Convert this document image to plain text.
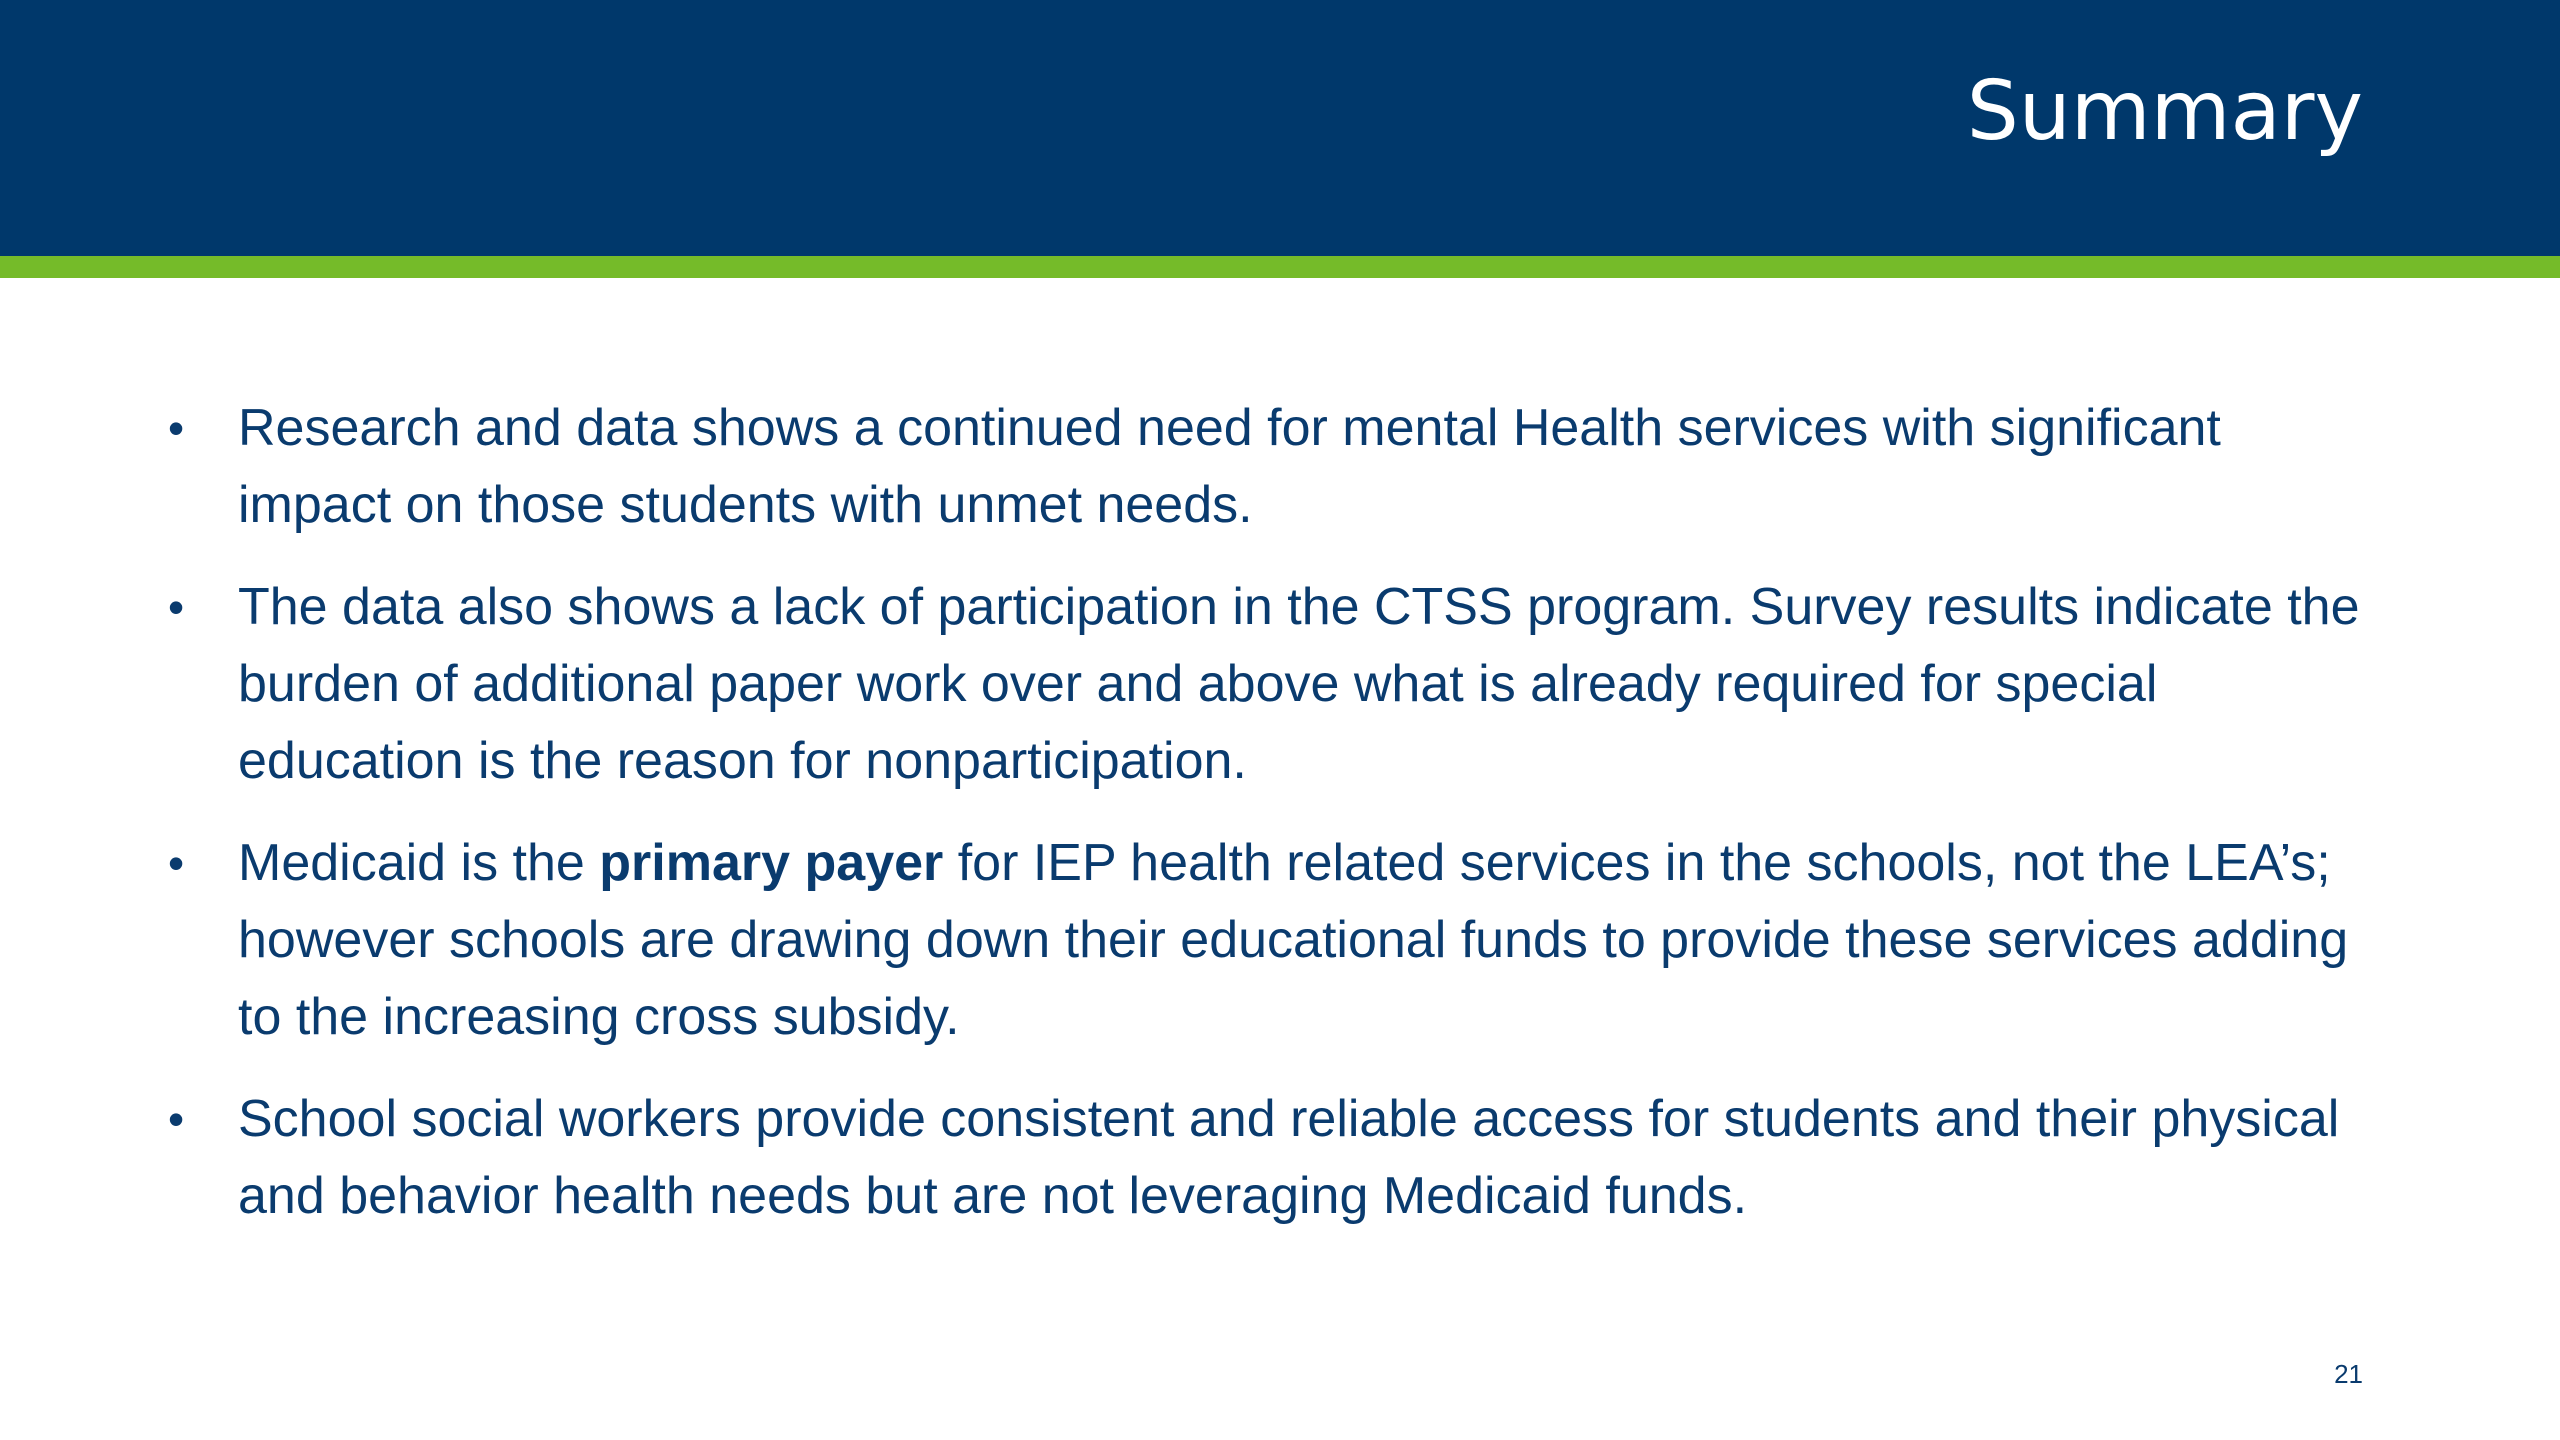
Summary
• Research and data shows a continued need for mental Health services with significant impact on those students with unmet needs.
• The data also shows a lack of participation in the CTSS program. Survey results indicate the burden of additional paper work over and above what is already required for special education is the reason for nonparticipation.
• Medicaid is the primary payer for IEP health related services in the schools, not the LEA’s; however schools are drawing down their educational funds to provide these services adding to the increasing cross subsidy.
• School social workers provide consistent and reliable access for students and their physical and behavior health needs but are not leveraging Medicaid funds.
21
